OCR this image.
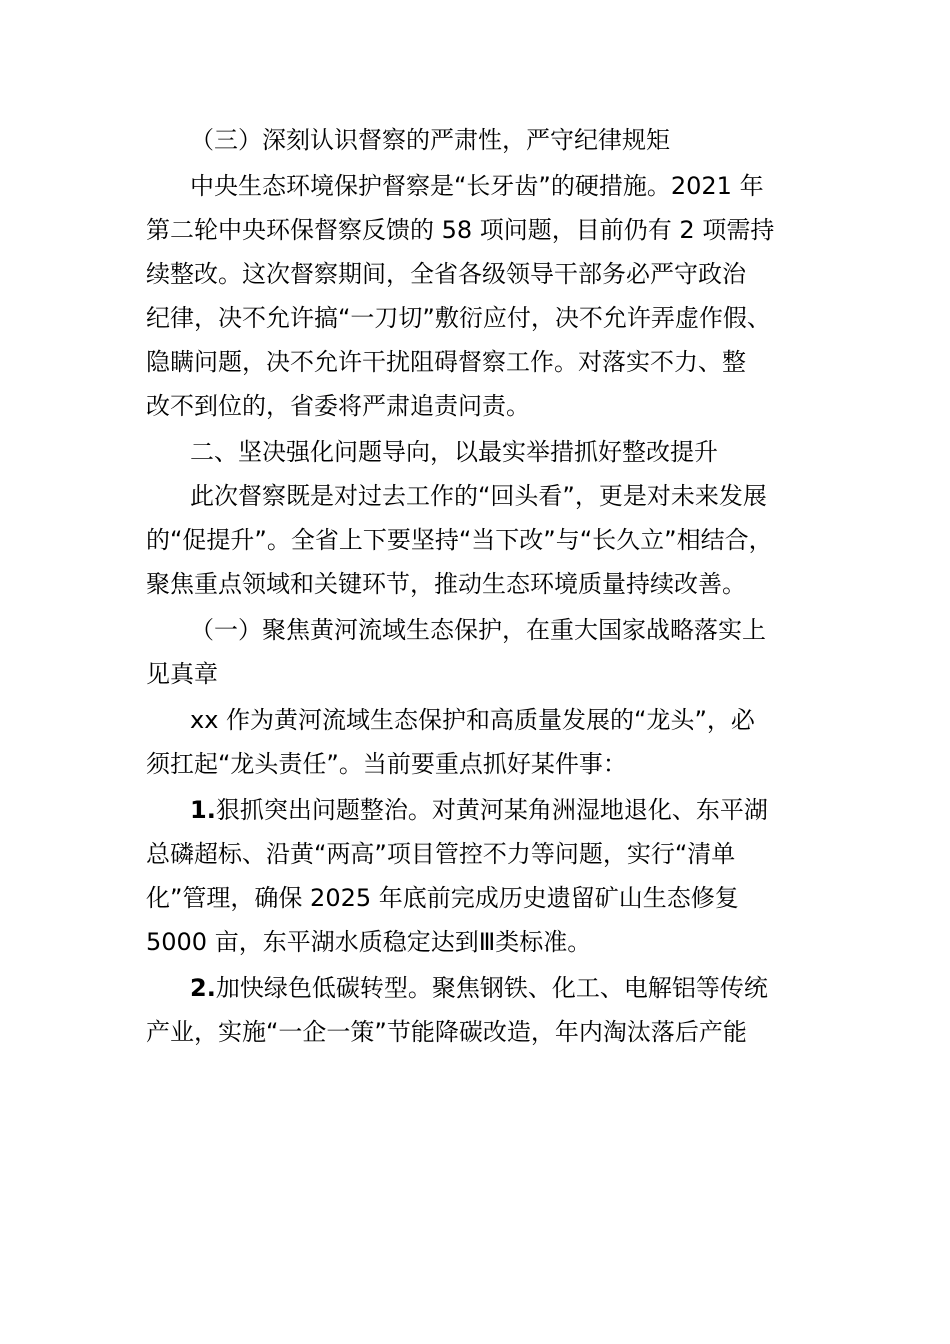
（三）深刻认识督察的严肃性，严守纪律规矩
中央生态环境保护督察是“长牙齿”的硬措施。2021 年
第二轮中央环保督察反馈的 58 项问题，目前仍有 2 项需持
续整改。这次督察期间，全省各级领导干部务必严守政治
纪律，决不允许搞“一刀切”敷衍应付，决不允许弄虚作假、
隐瞒问题，决不允许干扰阻碍督察工作。对落实不力、整
改不到位的，省委将严肃追责问责。
二、坚决强化问题导向，以最实举措抓好整改提升
此次督察既是对过去工作的“回头看”，更是对未来发展
的“促提升”。全省上下要坚持“当下改”与“长久立”相结合，
聚焦重点领域和关键环节，推动生态环境质量持续改善。
（一）聚焦黄河流域生态保护，在重大国家战略落实上
见真章
xx 作为黄河流域生态保护和高质量发展的“龙头”，必
须扛起“龙头责任”。当前要重点抓好某件事：
1.狠抓突出问题整治。对黄河某角洲湿地退化、东平湖
总磷超标、沿黄“两高”项目管控不力等问题，实行“清单
化”管理，确保 2025 年底前完成历史遗留矿山生态修复
5000 亩，东平湖水质稳定达到Ⅲ类标准。
2.加快绿色低碳转型。聚焦钢铁、化工、电解铝等传统
产业，实施“一企一策”节能降碳改造，年内淘汰落后产能
